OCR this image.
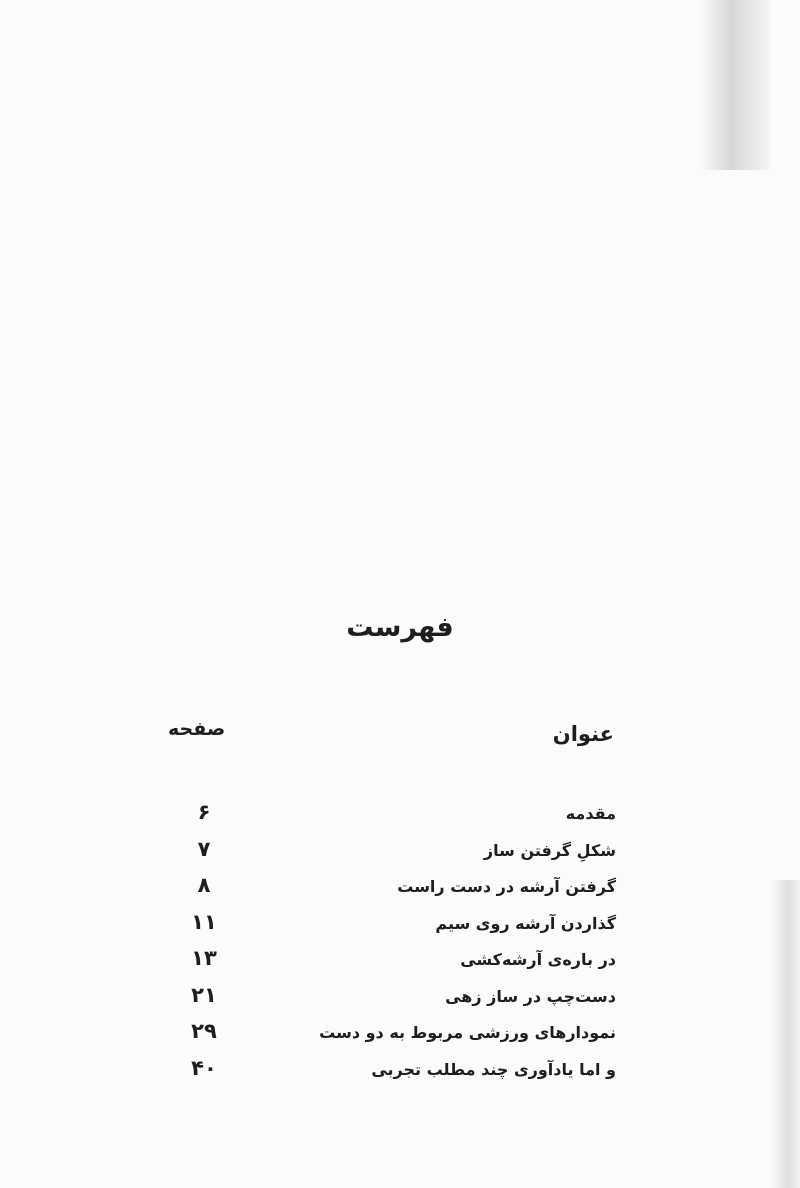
فهرست
عنوان
صفحه
مقدمه
۶
شکلِ گرفتن ساز
۷
گرفتن آرشه در دست راست
۸
گذاردن آرشه روی سیم
۱۱
در باره‌ی آرشه‌کشی
۱۳
دست‌چپ در ساز زهی
۲۱
نمودارهای ورزشی مربوط به دو دست
۲۹
و اما یادآوری چند مطلب تجربی
۴۰
